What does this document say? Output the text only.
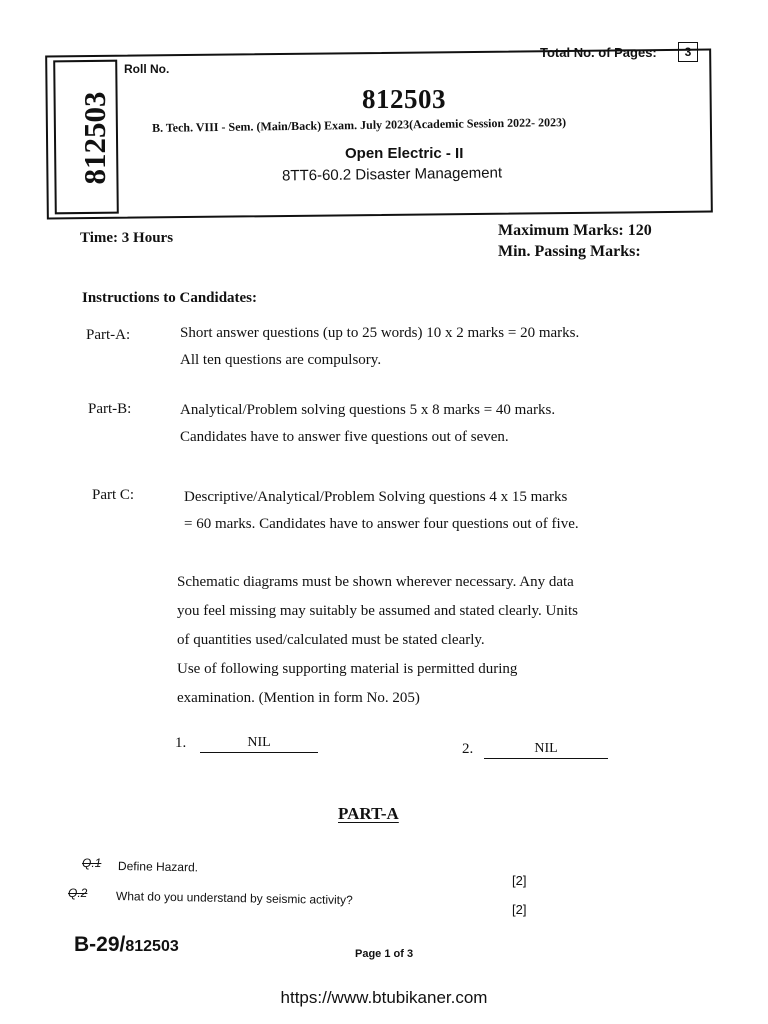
812503
Roll No.
Total No. of Pages:	3
812503
B. Tech. VIII - Sem. (Main/Back) Exam. July 2023(Academic Session 2022- 2023)
Open Electric - II
8TT6-60.2 Disaster Management
Time: 3 Hours	Maximum Marks: 120
Min. Passing Marks:
Instructions to Candidates:
Part-A:	Short answer questions (up to 25 words) 10 x 2 marks = 20 marks.
All ten questions are compulsory.
Part-B:	Analytical/Problem solving questions 5 x 8 marks = 40 marks.
Candidates have to answer five questions out of seven.
Part C:	Descriptive/Analytical/Problem Solving questions 4 x 15 marks
= 60 marks. Candidates have to answer four questions out of five.
Schematic diagrams must be shown wherever necessary. Any data
you feel missing may suitably be assumed and stated clearly. Units
of quantities used/calculated must be stated clearly.
Use of following supporting material is permitted during
examination. (Mention in form No. 205)
1.	NIL	2.	NIL
PART-A
Q.1 Define Hazard.
[2]
Q.2 What do you understand by seismic activity?
[2]
B-29/812503	Page 1 of 3
https://www.btubikaner.com
